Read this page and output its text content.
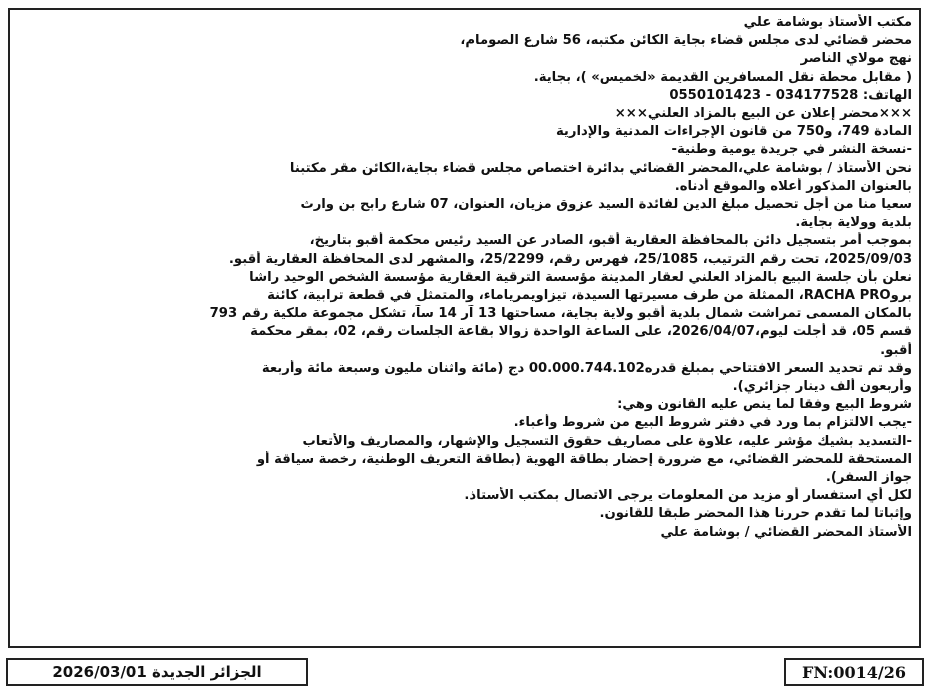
مكتب الأستاذ بوشامة علي
محضر قضائي لدى مجلس قضاء بجاية الكائن مكتبه، 56 شارع الصومام،
نهج مولاي الناصر
( مقابل محطة نقل المسافرين القديمة «لخميس» )، بجاية.
الهاتف: 034177528 - 0550101423
×××محضر إعلان عن البيع بالمزاد العلني×××
المادة 749، و750 من قانون الإجراءات المدنية والإدارية
-نسخة النشر في جريدة يومية وطنية-
نحن الأستاذ / بوشامة علي،المحضر القضائي بدائرة اختصاص مجلس قضاء بجاية،الكائن مقر مكتبنا
بالعنوان المذكور أعلاه والموقع أدناه.
سعيا منا من أجل تحصيل مبلغ الدين لفائدة السيد عزوق مزيان، العنوان، 07 شارع رابح بن وارث
بلدية وولاية بجاية.
بموجب أمر بتسجيل دائن بالمحافظة العقارية أقبو، الصادر عن السيد رئيس محكمة أقبو بتاريخ،
2025/09/03، تحت رقم الترتيب، 25/1085، فهرس رقم، 25/2299، والمشهر لدى المحافظة العقارية أقبو.
نعلن بأن جلسة البيع بالمزاد العلني لعقار المدينة مؤسسة الترقية العقارية مؤسسة الشخص الوحيد راشا
بروRACHA PRO، الممثلة من طرف مسيرتها السيدة، تيزاويمرياماء، والمتمثل في قطعة ترابية، كائنة
بالمكان المسمى تمراشت شمال بلدية أقبو ولاية بجاية، مساحتها 13 آر 14 سآ، تشكل مجموعة ملكية رقم 793
قسم 05، قد أجلت ليوم،2026/04/07، على الساعة الواحدة زوالا بقاعة الجلسات رقم، 02، بمقر محكمة
أقبو.
وقد تم تحديد السعر الافتتاحي بمبلغ قدره00.000.744.102 دج (مائة واثنان مليون وسبعة مائة وأربعة
وأربعون ألف دينار جزائري).
شروط البيع وفقا لما ينص عليه القانون وهي:
-يجب الالتزام بما ورد في دفتر شروط البيع من شروط وأعباء.
-التسديد بشيك مؤشر عليه، علاوة على مصاريف حقوق التسجيل والإشهار، والمصاريف والأتعاب
المستحقة للمحضر القضائي، مع ضرورة إحضار بطاقة الهوية (بطاقة التعريف الوطنية، رخصة سياقة أو
جواز السفر).
لكل أي استفسار أو مزيد من المعلومات يرجى الاتصال بمكتب الأستاذ.
وإثباتا لما تقدم حررنا هذا المحضر طبقا للقانون.
الأستاذ المحضر القضائي / بوشامة علي
الجزائر الجديدة 2026/03/01	FN:0014/26
